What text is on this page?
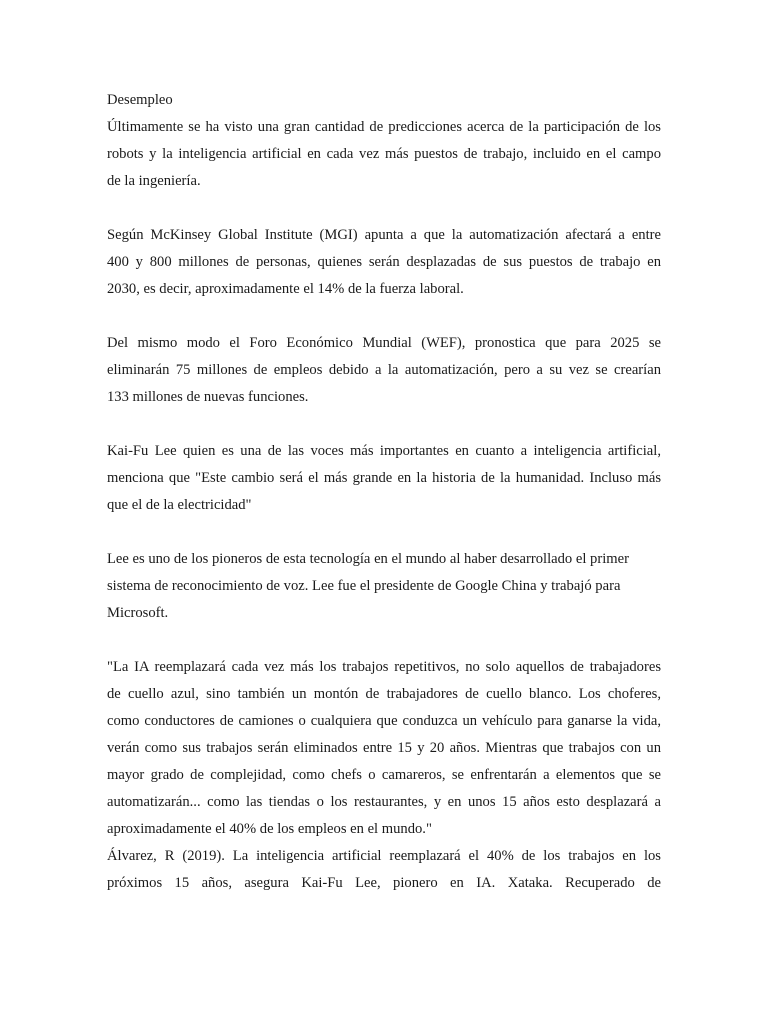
Desempleo
Últimamente se ha visto una gran cantidad de predicciones acerca de la participación de los
robots y la inteligencia artificial en cada vez más puestos de trabajo, incluido en el campo
de la ingeniería.
Según McKinsey Global Institute (MGI) apunta a que la automatización afectará a entre
400 y 800 millones de personas, quienes serán desplazadas de sus puestos de trabajo en
2030, es decir, aproximadamente el 14% de la fuerza laboral.
Del mismo modo el Foro Económico Mundial (WEF), pronostica que para 2025 se
eliminarán 75 millones de empleos debido a la automatización, pero a su vez se crearían
133 millones de nuevas funciones.
Kai-Fu Lee quien es una de las voces más importantes en cuanto a inteligencia artificial,
menciona que "Este cambio será el más grande en la historia de la humanidad. Incluso más
que el de la electricidad"
Lee es uno de los pioneros de esta tecnología en el mundo al haber desarrollado el primer
sistema de reconocimiento de voz. Lee fue el presidente de Google China y trabajó para
Microsoft.
"La IA reemplazará cada vez más los trabajos repetitivos, no solo aquellos de trabajadores
de cuello azul, sino también un montón de trabajadores de cuello blanco. Los choferes,
como conductores de camiones o cualquiera que conduzca un vehículo para ganarse la vida,
verán como sus trabajos serán eliminados entre 15 y 20 años. Mientras que trabajos con un
mayor grado de complejidad, como chefs o camareros, se enfrentarán a elementos que se
automatizarán... como las tiendas o los restaurantes, y en unos 15 años esto desplazará a
aproximadamente el 40% de los empleos en el mundo."
Álvarez, R (2019). La inteligencia artificial reemplazará el 40% de los trabajos en los
próximos 15 años, asegura Kai-Fu Lee, pionero en IA. Xataka. Recuperado de
